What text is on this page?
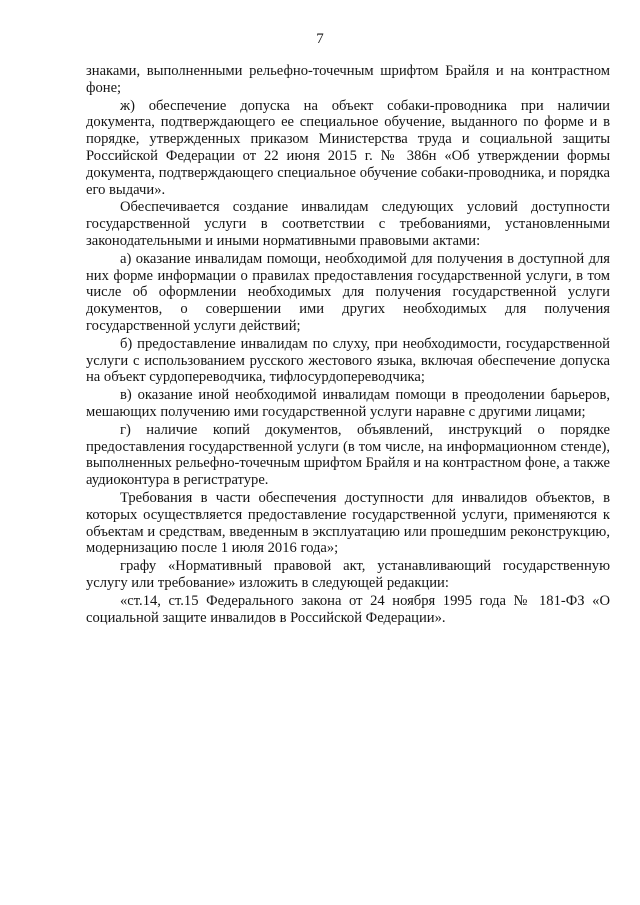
7

знаками, выполненными рельефно-точечным шрифтом Брайля и на контрастном фоне;

ж) обеспечение допуска на объект собаки-проводника при наличии документа, подтверждающего ее специальное обучение, выданного по форме и в порядке, утвержденных приказом Министерства труда и социальной защиты Российской Федерации от 22 июня 2015 г. № 386н «Об утверждении формы документа, подтверждающего специальное обучение собаки-проводника, и порядка его выдачи».

Обеспечивается создание инвалидам следующих условий доступности государственной услуги в соответствии с требованиями, установленными законодательными и иными нормативными правовыми актами:

а) оказание инвалидам помощи, необходимой для получения в доступной для них форме информации о правилах предоставления государственной услуги, в том числе об оформлении необходимых для получения государственной услуги документов, о совершении ими других необходимых для получения государственной услуги действий;

б) предоставление инвалидам по слуху, при необходимости, государственной услуги с использованием русского жестового языка, включая обеспечение допуска на объект сурдопереводчика, тифлосурдопереводчика;

в) оказание иной необходимой инвалидам помощи в преодолении барьеров, мешающих получению ими государственной услуги наравне с другими лицами;

г) наличие копий документов, объявлений, инструкций о порядке предоставления государственной услуги (в том числе, на информационном стенде), выполненных рельефно-точечным шрифтом Брайля и на контрастном фоне, а также аудиоконтура в регистратуре.

Требования в части обеспечения доступности для инвалидов объектов, в которых осуществляется предоставление государственной услуги, применяются к объектам и средствам, введенным в эксплуатацию или прошедшим реконструкцию, модернизацию после 1 июля 2016 года»;

графу «Нормативный правовой акт, устанавливающий государственную услугу или требование» изложить в следующей редакции:

«ст.14, ст.15 Федерального закона от 24 ноября 1995 года № 181-ФЗ «О социальной защите инвалидов в Российской Федерации».
